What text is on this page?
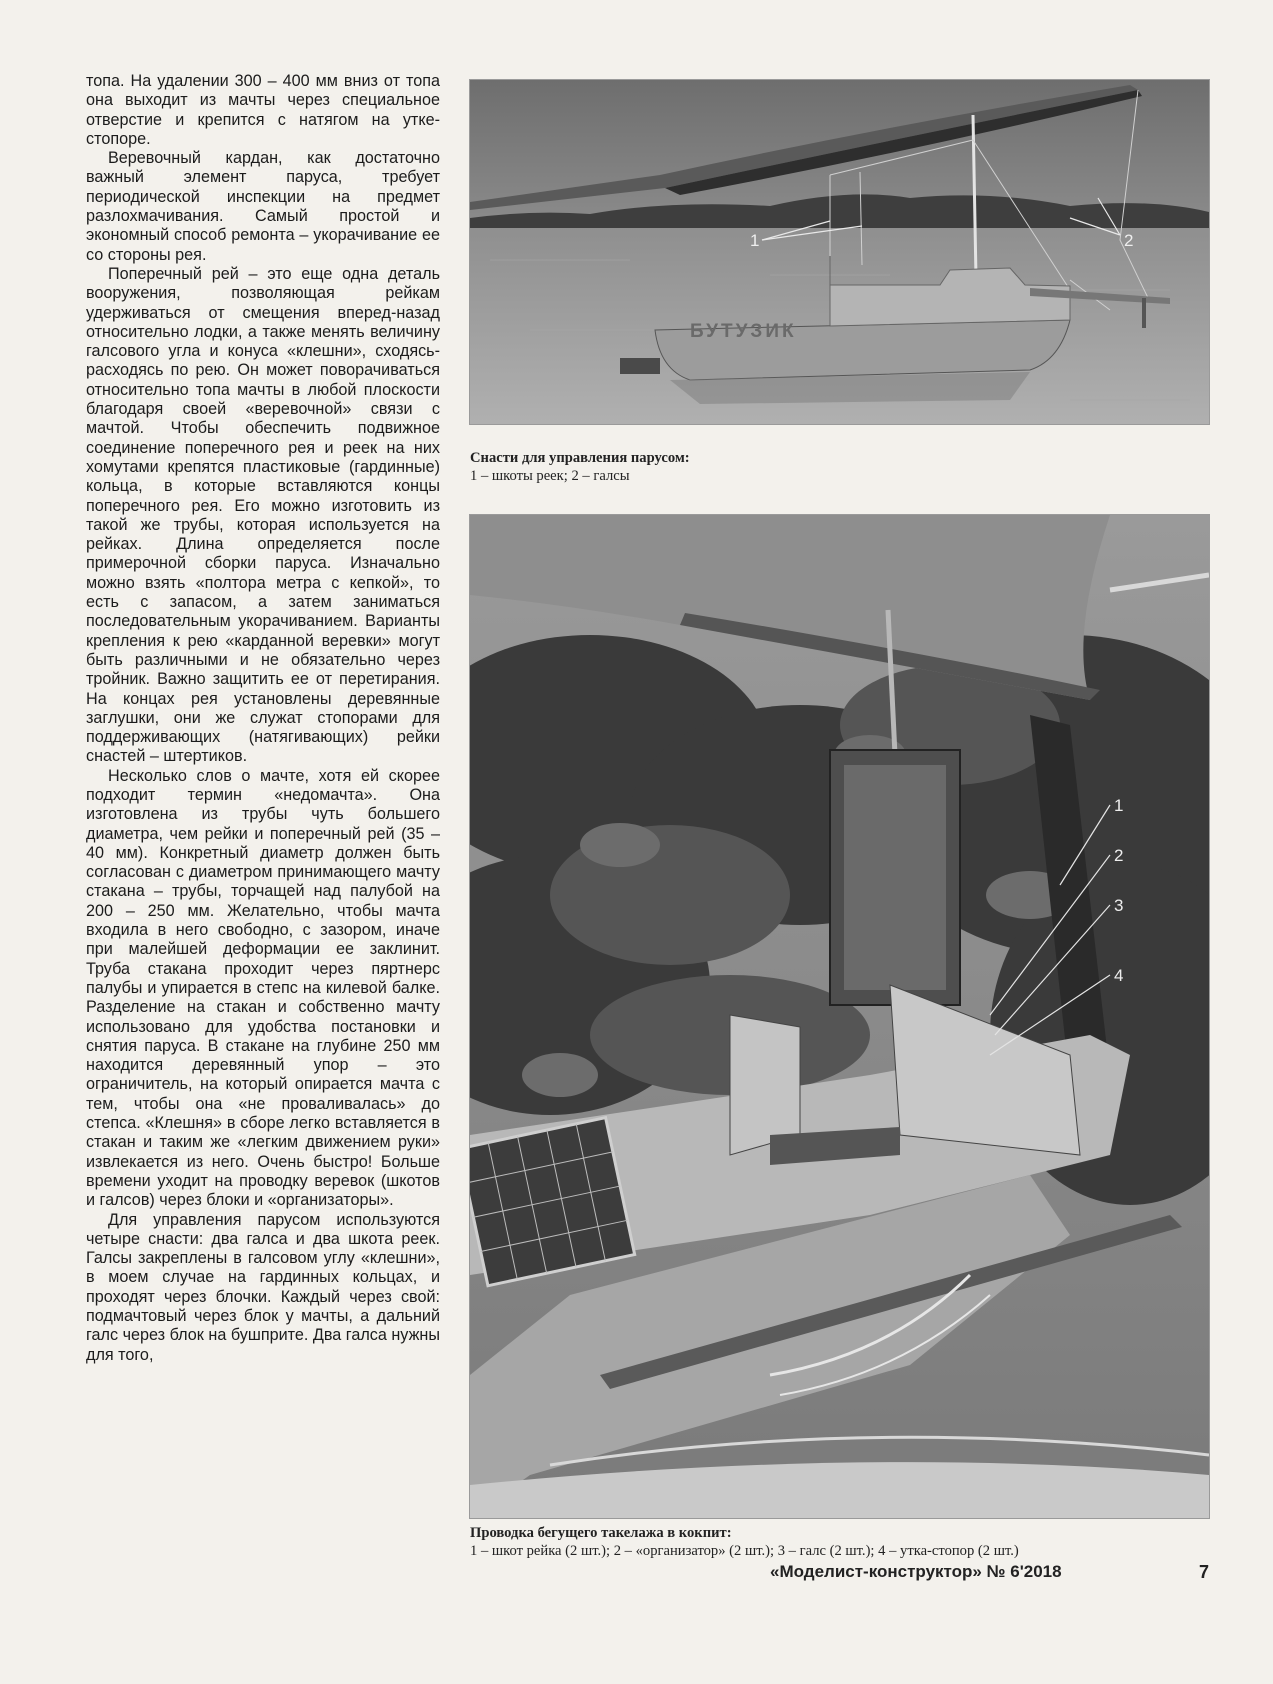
топа. На удалении 300 – 400 мм вниз от топа она выходит из мачты через специальное отверстие и крепится с натягом на утке-стопоре.

Веревочный кардан, как достаточно важный элемент паруса, требует периодической инспекции на предмет разлохмачивания. Самый простой и экономный способ ремонта – укорачивание ее со стороны рея.

Поперечный рей – это еще одна деталь вооружения, позволяющая рейкам удерживаться от смещения вперед-назад относительно лодки, а также менять величину галсового угла и конуса «клешни», сходясь-расходясь по рею. Он может поворачиваться относительно топа мачты в любой плоскости благодаря своей «веревочной» связи с мачтой. Чтобы обеспечить подвижное соединение поперечного рея и реек на них хомутами крепятся пластиковые (гардинные) кольца, в которые вставляются концы поперечного рея. Его можно изготовить из такой же трубы, которая используется на рейках. Длина определяется после примерочной сборки паруса. Изначально можно взять «полтора метра с кепкой», то есть с запасом, а затем заниматься последовательным укорачиванием. Варианты крепления к рею «карданной веревки» могут быть различными и не обязательно через тройник. Важно защитить ее от перетирания. На концах рея установлены деревянные заглушки, они же служат стопорами для поддерживающих (натягивающих) рейки снастей – штертиков.

Несколько слов о мачте, хотя ей скорее подходит термин «недомачта». Она изготовлена из трубы чуть большего диаметра, чем рейки и поперечный рей (35 – 40 мм). Конкретный диаметр должен быть согласован с диаметром принимающего мачту стакана – трубы, торчащей над палубой на 200 – 250 мм. Желательно, чтобы мачта входила в него свободно, с зазором, иначе при малейшей деформации ее заклинит. Труба стакана проходит через пяртнерс палубы и упирается в степс на килевой балке. Разделение на стакан и собственно мачту использовано для удобства постановки и снятия паруса. В стакане на глубине 250 мм находится деревянный упор – это ограничитель, на который опирается мачта с тем, чтобы она «не проваливалась» до степса. «Клешня» в сборе легко вставляется в стакан и таким же «легким движением руки» извлекается из него. Очень быстро! Больше времени уходит на проводку веревок (шкотов и галсов) через блоки и «организаторы».

Для управления парусом используются четыре снасти: два галса и два шкота реек. Галсы закреплены в галсовом углу «клешни», в моем случае на гардинных кольцах, и проходят через блочки. Каждый через свой: подмачтовый через блок у мачты, а дальний галс через блок на бушприте. Два галса нужны для того,

БУТУЗИК
1	2
Снасти для управления парусом:
1 – шкоты реек; 2 – галсы
1
2
3
4
Проводка бегущего такелажа в кокпит:
1 – шкот рейка (2 шт.); 2 – «организатор» (2 шт.); 3 – галс (2 шт.); 4 – утка-стопор (2 шт.)
«Моделист-конструктор» № 6'2018	7
